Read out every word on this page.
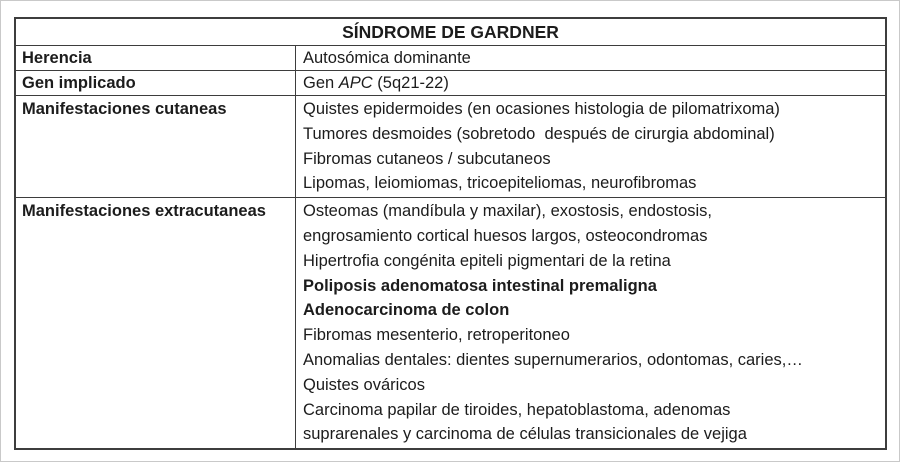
SÍNDROME DE GARDNER
Herencia	Autosómica dominante
Gen implicado	Gen APC (5q21-22)
Manifestaciones cutaneas	Quistes epidermoides (en ocasiones histologia de pilomatrixoma)
Tumores desmoides (sobretodo  después de cirurgia abdominal)
Fibromas cutaneos / subcutaneos
Lipomas, leiomiomas, tricoepiteliomas, neurofibromas
Manifestaciones extracutaneas	Osteomas (mandíbula y maxilar), exostosis, endostosis,
engrosamiento cortical huesos largos, osteocondromas
Hipertrofia congénita epiteli pigmentari de la retina
Poliposis adenomatosa intestinal premaligna
Adenocarcinoma de colon
Fibromas mesenterio, retroperitoneo
Anomalias dentales: dientes supernumerarios, odontomas, caries,…
Quistes ováricos
Carcinoma papilar de tiroides, hepatoblastoma, adenomas
suprarenales y carcinoma de células transicionales de vejiga
